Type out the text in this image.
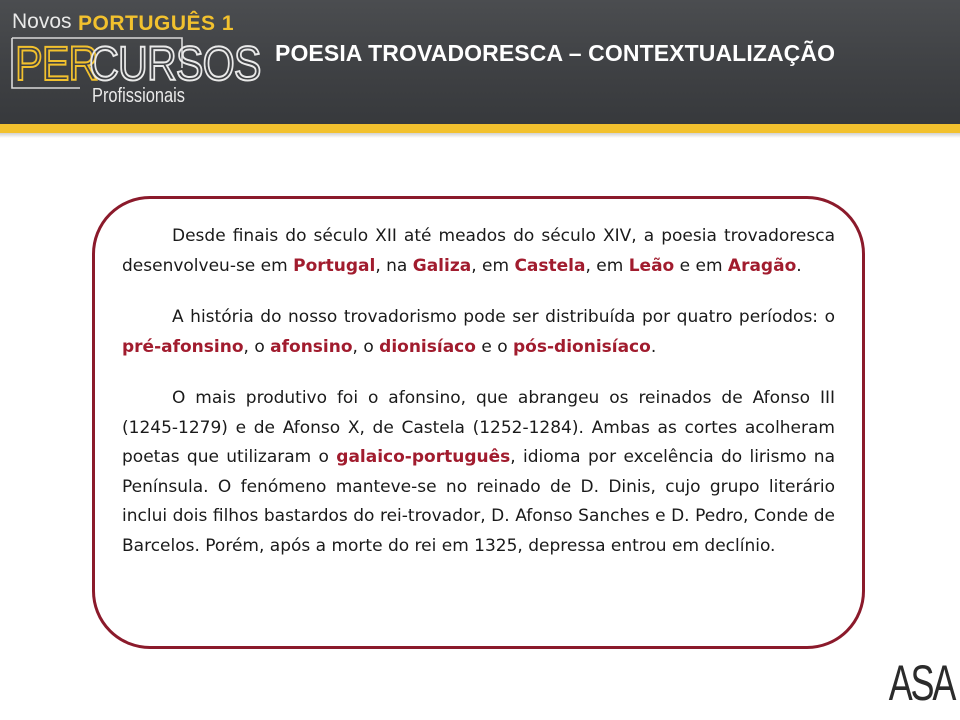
Novos PORTUGUÊS 1
PER
CURSOS
Profissionais
POESIA TROVADORESCA – CONTEXTUALIZAÇÃO

Desde finais do século XII até meados do século XIV, a poesia trovadoresca desenvolveu-se em Portugal, na Galiza, em Castela, em Leão e em Aragão.

A história do nosso trovadorismo pode ser distribuída por quatro períodos: o pré-afonsino, o afonsino, o dionisíaco e o pós-dionisíaco.

O mais produtivo foi o afonsino, que abrangeu os reinados de Afonso III (1245-1279) e de Afonso X, de Castela (1252-1284). Ambas as cortes acolheram poetas que utilizaram o galaico-português, idioma por excelência do lirismo na Península. O fenómeno manteve-se no reinado de D. Dinis, cujo grupo literário inclui dois filhos bastardos do rei-trovador, D. Afonso Sanches e D. Pedro, Conde de Barcelos. Porém, após a morte do rei em 1325, depressa entrou em declínio.

ASA
